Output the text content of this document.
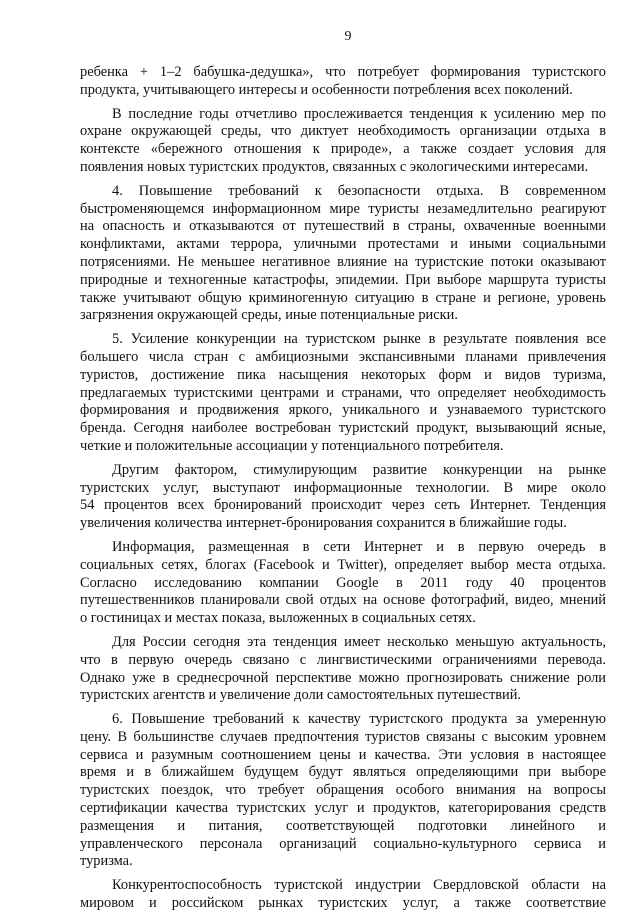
9

ребенка + 1–2 бабушка-дедушка», что потребует формирования туристского
продукта, учитывающего интересы и особенности потребления всех поколений.

В последние годы отчетливо прослеживается тенденция к усилению мер по
охране окружающей среды, что диктует необходимость организации отдыха в
контексте «бережного отношения к природе», а также создает условия для
появления новых туристских продуктов, связанных с экологическими интересами.

4. Повышение требований к безопасности отдыха. В современном
быстроменяющемся информационном мире туристы незамедлительно реагируют
на опасность и отказываются от путешествий в страны, охваченные военными
конфликтами, актами террора, уличными протестами и иными социальными
потрясениями. Не меньшее негативное влияние на туристские потоки оказывают
природные и техногенные катастрофы, эпидемии. При выборе маршрута туристы
также учитывают общую криминогенную ситуацию в стране и регионе, уровень
загрязнения окружающей среды, иные потенциальные риски.

5. Усиление конкуренции на туристском рынке в результате появления все
большего числа стран с амбициозными экспансивными планами привлечения
туристов, достижение пика насыщения некоторых форм и видов туризма,
предлагаемых туристскими центрами и странами, что определяет необходимость
формирования и продвижения яркого, уникального и узнаваемого туристского
бренда. Сегодня наиболее востребован туристский продукт, вызывающий ясные,
четкие и положительные ассоциации у потенциального потребителя.

Другим фактором, стимулирующим развитие конкуренции на рынке
туристских услуг, выступают информационные технологии. В мире около
54 процентов всех бронирований происходит через сеть Интернет. Тенденция
увеличения количества интернет-бронирования сохранится в ближайшие годы.

Информация, размещенная в сети Интернет и в первую очередь в
социальных сетях, блогах (Facebook и Twitter), определяет выбор места отдыха.
Согласно исследованию компании Google в 2011 году 40 процентов
путешественников планировали свой отдых на основе фотографий, видео, мнений
о гостиницах и местах показа, выложенных в социальных сетях.

Для России сегодня эта тенденция имеет несколько меньшую актуальность,
что в первую очередь связано с лингвистическими ограничениями перевода.
Однако уже в среднесрочной перспективе можно прогнозировать снижение роли
туристских агентств и увеличение доли самостоятельных путешествий.

6. Повышение требований к качеству туристского продукта за умеренную
цену. В большинстве случаев предпочтения туристов связаны с высоким уровнем
сервиса и разумным соотношением цены и качества. Эти условия в настоящее
время и в ближайшем будущем будут являться определяющими при выборе
туристских поездок, что требует обращения особого внимания на вопросы
сертификации качества туристских услуг и продуктов, категорирования средств
размещения и питания, соответствующей подготовки линейного и
управленческого персонала организаций социально-культурного сервиса и
туризма.

Конкурентоспособность туристской индустрии Свердловской области на
мировом и российском рынках туристских услуг, а также соответствие
